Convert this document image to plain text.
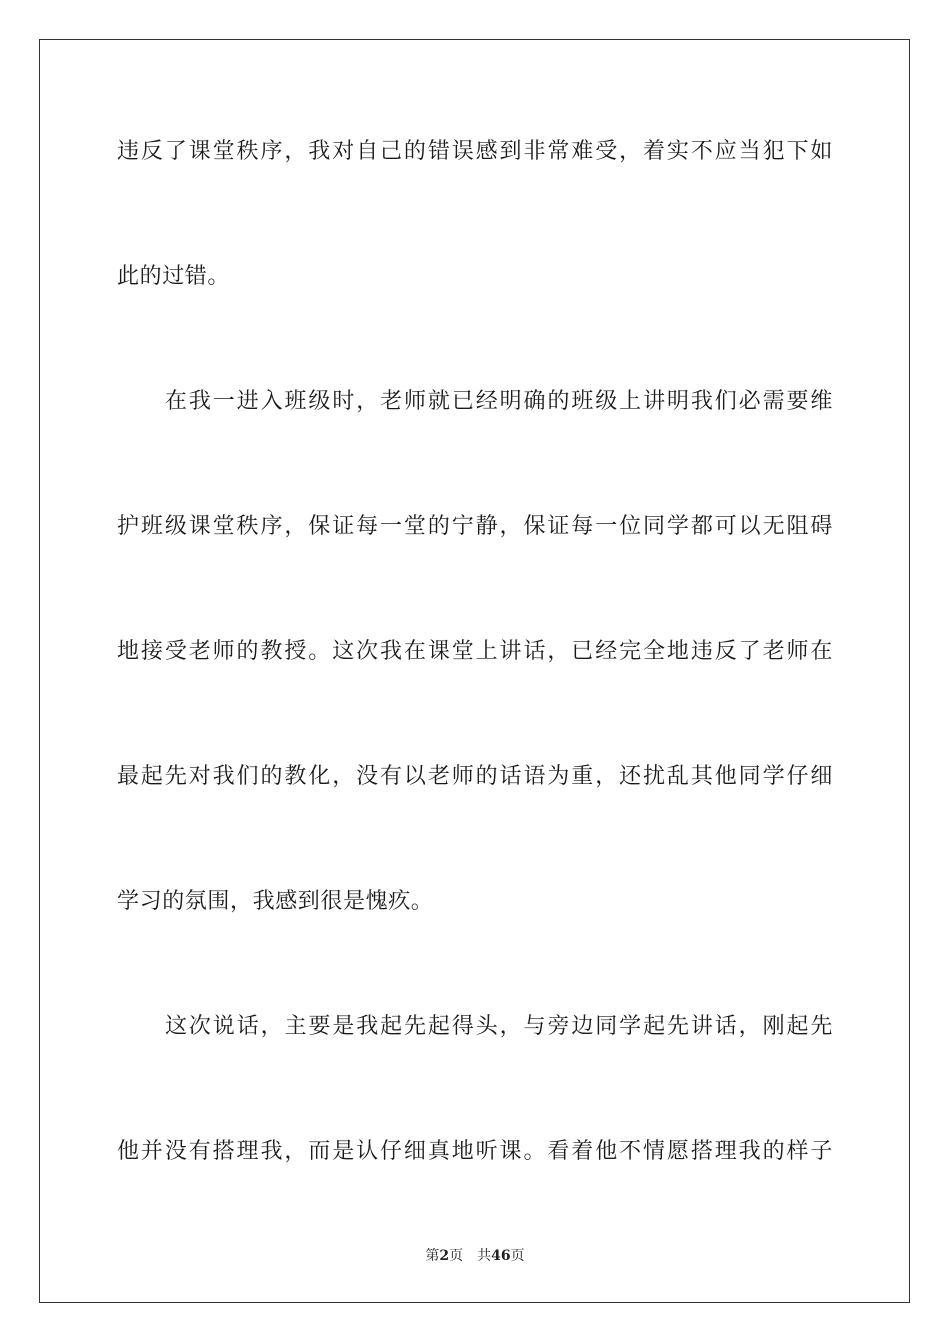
违反了课堂秩序，我对自己的错误感到非常难受，着实不应当犯下如
此的过错。
在我一进入班级时，老师就已经明确的班级上讲明我们必需要维
护班级课堂秩序，保证每一堂的宁静，保证每一位同学都可以无阻碍
地接受老师的教授。这次我在课堂上讲话，已经完全地违反了老师在
最起先对我们的教化，没有以老师的话语为重，还扰乱其他同学仔细
学习的氛围，我感到很是愧疚。
这次说话，主要是我起先起得头，与旁边同学起先讲话，刚起先
他并没有搭理我，而是认仔细真地听课。看着他不情愿搭理我的样子
第2页 共46页
